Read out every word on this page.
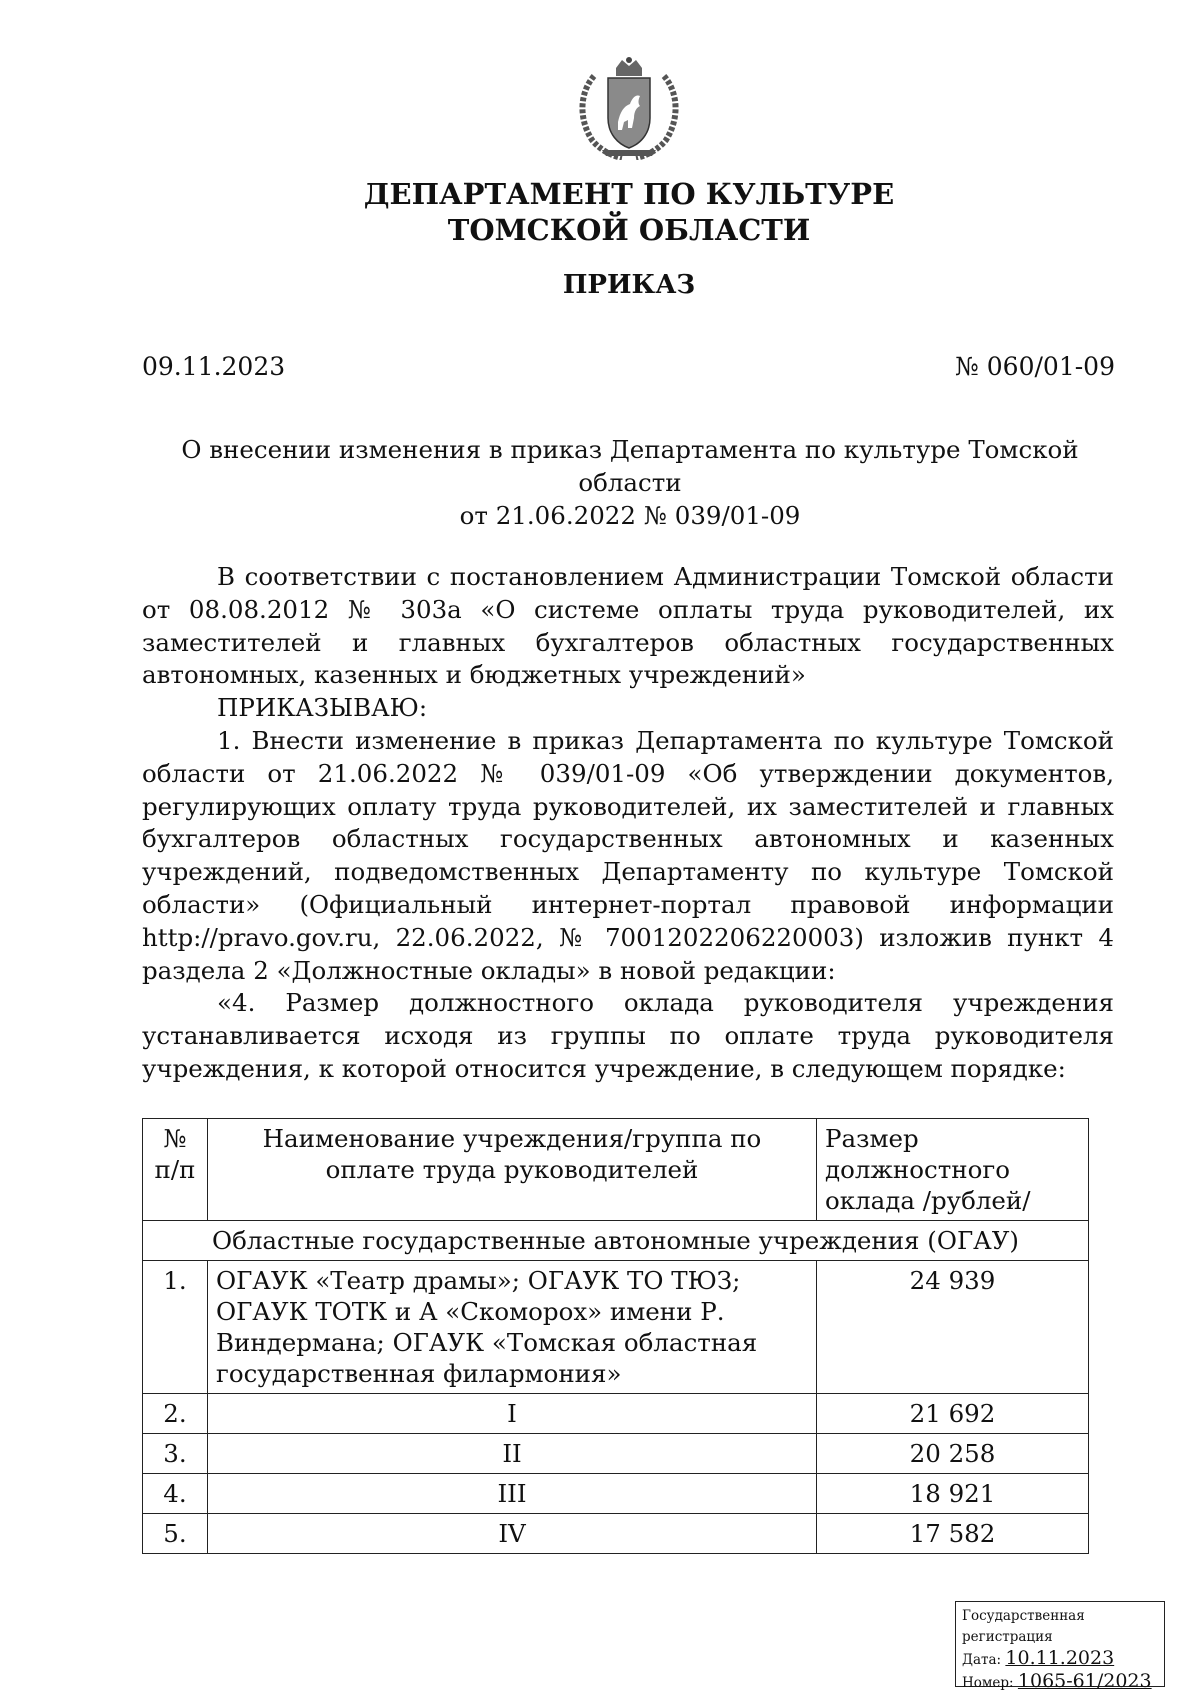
ДЕПАРТАМЕНТ ПО КУЛЬТУРЕ
ТОМСКОЙ ОБЛАСТИ
ПРИКАЗ
09.11.2023	№ 060/01-09
О внесении изменения в приказ Департамента по культуре Томской области
от 21.06.2022 № 039/01-09

В соответствии с постановлением Администрации Томской области от 08.08.2012 № 303а «О системе оплаты труда руководителей, их заместителей и главных бухгалтеров областных государственных автономных, казенных и бюджетных учреждений»

ПРИКАЗЫВАЮ:

1. Внести изменение в приказ Департамента по культуре Томской области от 21.06.2022 № 039/01-09 «Об утверждении документов, регулирующих оплату труда руководителей, их заместителей и главных бухгалтеров областных государственных автономных и казенных учреждений, подведомственных Департаменту по культуре Томской области» (Официальный интернет-портал правовой информации http://pravo.gov.ru, 22.06.2022, № 7001202206220003) изложив пункт 4 раздела 2 «Должностные оклады» в новой редакции:

«4. Размер должностного оклада руководителя учреждения устанавливается исходя из группы по оплате труда руководителя учреждения, к которой относится учреждение, в следующем порядке:

№ п/п	Наименование учреждения/группа по оплате труда руководителей	Размер должностного оклада /рублей/
Областные государственные автономные учреждения (ОГАУ)		
1.	ОГАУК «Театр драмы»; ОГАУК ТО ТЮЗ; ОГАУК ТОТК и А «Скоморох» имени Р. Виндермана; ОГАУК «Томская областная государственная филармония»	24 939
2.	I	21 692
3.	II	20 258
4.	III	18 921
5.	IV	17 582
Государственная регистрация
Дата: 10.11.2023
Номер: 1065-61/2023
